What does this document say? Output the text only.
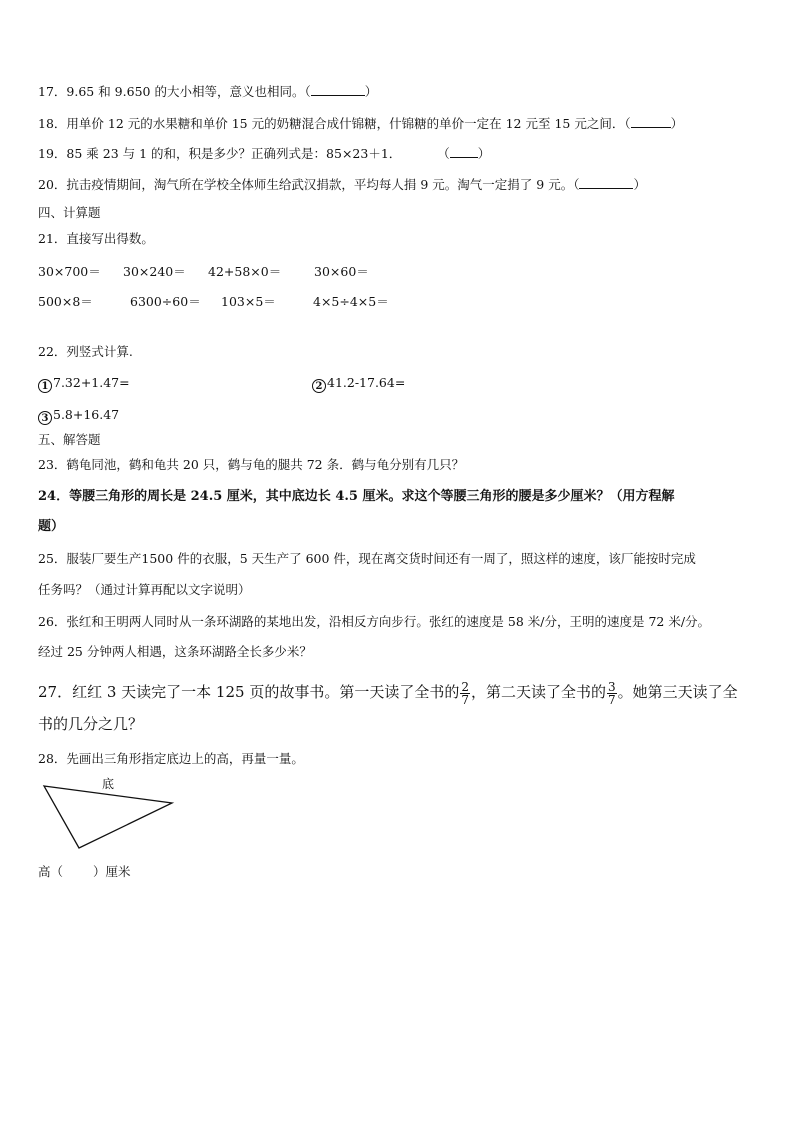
17．9.65 和 9.650 的大小相等，意义也相同。（	）
18．用单价 12 元的水果糖和单价 15 元的奶糖混合成什锦糖，什锦糖的单价一定在 12 元至 15 元之间．（	）
19．85 乘 23 与 1 的和，积是多少？正确列式是：85×23＋1．	（ ）
20．抗击疫情期间，淘气所在学校全体师生给武汉捐款，平均每人捐 9 元。淘气一定捐了 9 元。（	）
四、计算题
21．直接写出得数。
30×700＝ 30×240＝ 42+58×0＝	30×60＝
500×8＝	6300÷60＝ 103×5＝	4×5÷4×5＝
22．列竖式计算.
1 7.32+1.47=	2 41.2-17.64=
3 5.8+16.47
五、解答题
23．鹤龟同池，鹤和龟共 20 只，鹤与龟的腿共 72 条．鹤与龟分别有几只？
24．等腰三角形的周长是 24.5 厘米，其中底边长 4.5 厘米。求这个等腰三角形的腰是多少厘米？（用方程解
题）
25．服装厂要生产1500 件的衣服，5 天生产了 600 件，现在离交货时间还有一周了，照这样的速度，该厂能按时完成
任务吗？（通过计算再配以文字说明）
26．张红和王明两人同时从一条环湖路的某地出发，沿相反方向步行。张红的速度是 58 米/分，王明的速度是 72 米/分。
经过 25 分钟两人相遇，这条环湖路全长多少米？
27．红红 3 天读完了一本 125 页的故事书。第一天读了全书的 $\frac{2}{7}$ ，第二天读了全书的 $\frac{3}{7}$ 。她第三天读了全
书的几分之几？
28．先画出三角形指定底边上的高，再量一量。
底
高（ ）厘米
